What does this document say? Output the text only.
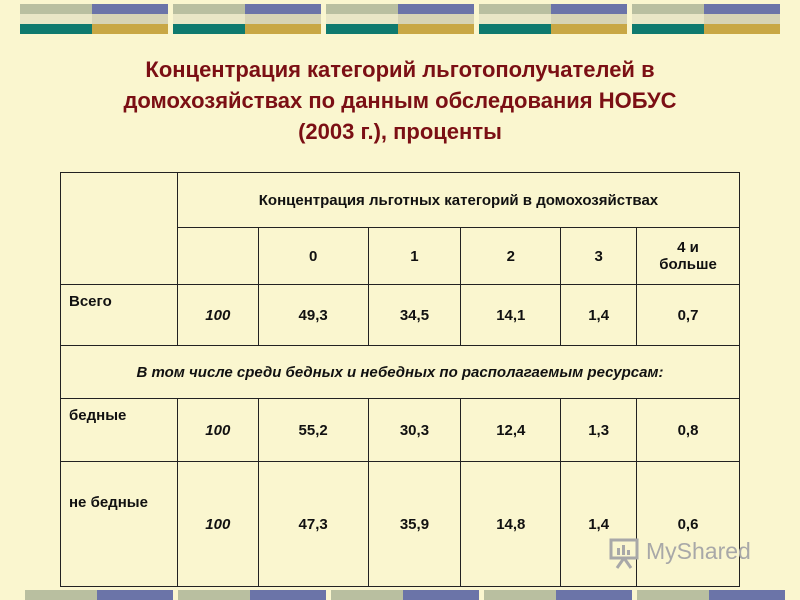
Концентрация категорий льготополучателей в
домохозяйствах по данным обследования НОБУС
(2003 г.), проценты
	Концентрация льготных категорий в домохозяйствах					
		0	1	2	3	4 и
больше
Всего	100	49,3	34,5	14,1	1,4	0,7
В том числе среди бедных и небедных по располагаемым ресурсам:						
бедные	100	55,2	30,3	12,4	1,3	0,8
не бедные	100	47,3	35,9	14,8	1,4	0,6
MyShared
